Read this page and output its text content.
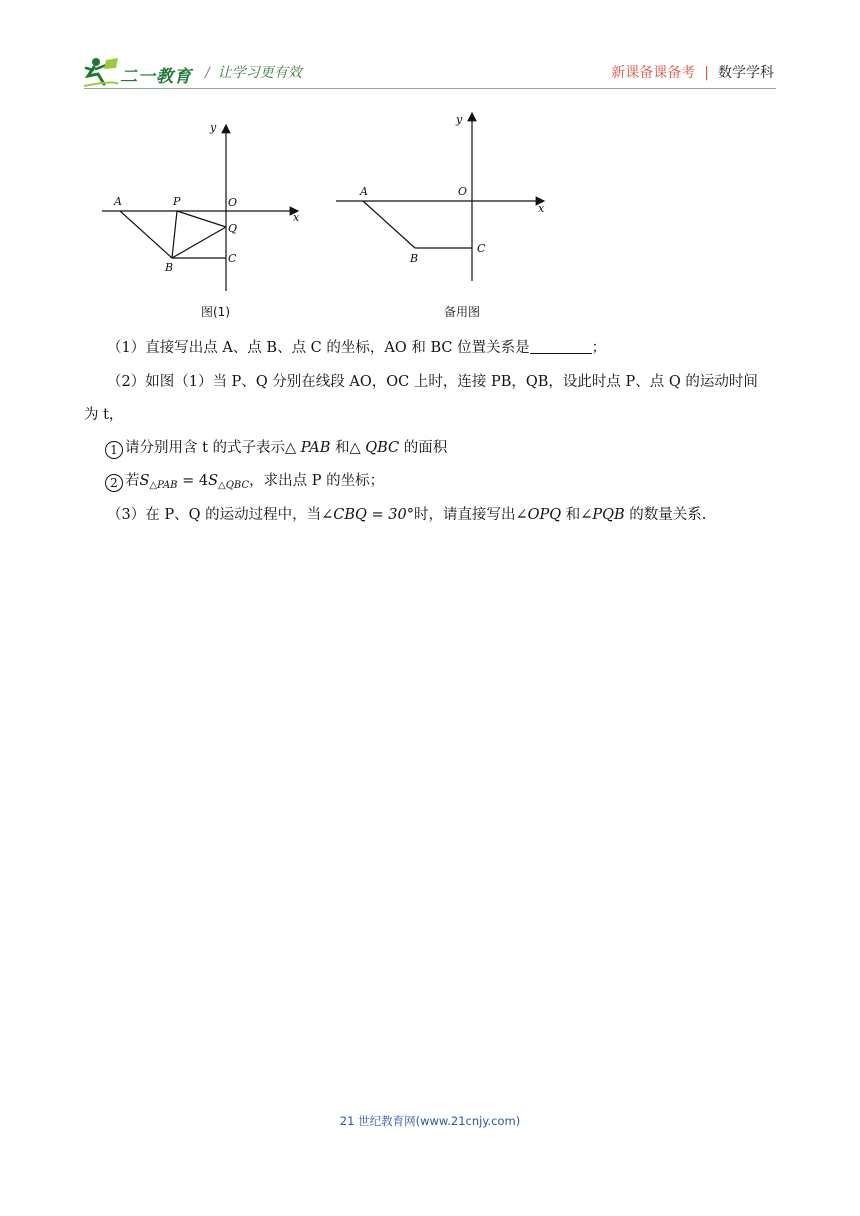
二一教育 / 让学习更有效	新课备课备考 | 数学学科
y
x
O
A	P
Q
B
C
图(1)
y
x
O
A
B
C
备用图
（1）直接写出点 A、点 B、点 C 的坐标，AO 和 BC 位置关系是	；
（2）如图（1）当 P、Q 分别在线段 AO，OC 上时，连接 PB，QB，设此时点 P、点 Q 的运动时间
为 t，
1 请分别用含 t 的式子表示△ PAB 和△ QBC 的面积
2 若$S_{\triangle PAB} = 4S_{\triangle QBC}$，求出点 P 的坐标；
（3）在 P、Q 的运动过程中，当∠CBQ = 30°时，请直接写出∠OPQ 和∠PQB 的数量关系.
21 世纪教育网(www.21cnjy.com)
